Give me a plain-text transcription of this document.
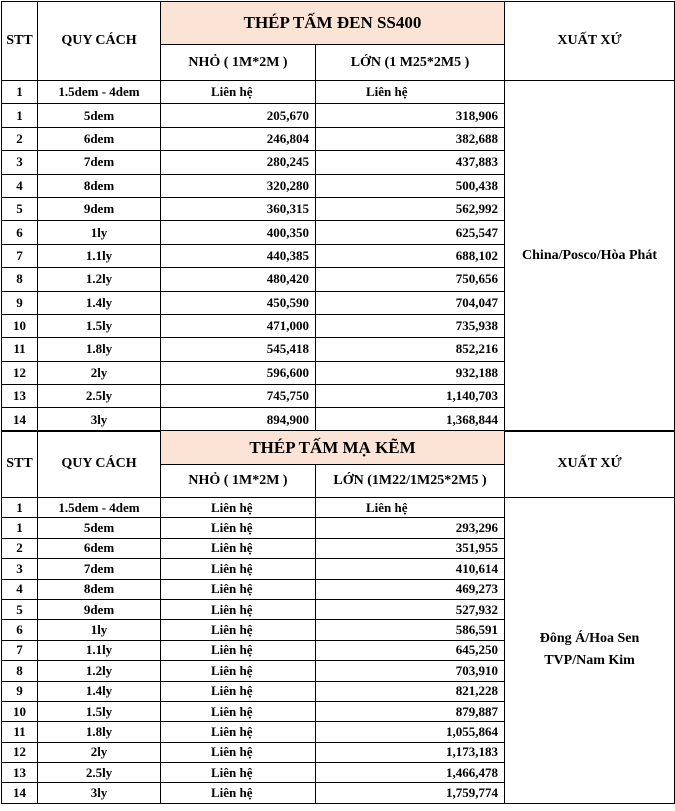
STT	QUY CÁCH	THÉP TẤM ĐEN SS400		XUẤT XỨ
		NHỎ ( 1M*2M )	LỚN (1 M25*2M5 )	
1	1.5dem - 4dem	Liên hệ	Liên hệ	China/Posco/Hòa Phát
1	5dem	205,670	318,906	
2	6dem	246,804	382,688	
3	7dem	280,245	437,883	
4	8dem	320,280	500,438	
5	9dem	360,315	562,992	
6	1ly	400,350	625,547	
7	1.1ly	440,385	688,102	
8	1.2ly	480,420	750,656	
9	1.4ly	450,590	704,047	
10	1.5ly	471,000	735,938	
11	1.8ly	545,418	852,216	
12	2ly	596,600	932,188	
13	2.5ly	745,750	1,140,703	
14	3ly	894,900	1,368,844	
STT	QUY CÁCH	THÉP TẤM MẠ KẼM		XUẤT XỨ
		NHỎ ( 1M*2M )	LỚN (1M22/1M25*2M5 )	
1	1.5dem - 4dem	Liên hệ	Liên hệ	Đông Á/Hoa Sen
TVP/Nam Kim

1	5dem	Liên hệ	293,296	
2	6dem	Liên hệ	351,955	
3	7dem	Liên hệ	410,614	
4	8dem	Liên hệ	469,273	
5	9dem	Liên hệ	527,932	
6	1ly	Liên hệ	586,591	
7	1.1ly	Liên hệ	645,250	
8	1.2ly	Liên hệ	703,910	
9	1.4ly	Liên hệ	821,228	
10	1.5ly	Liên hệ	879,887	
11	1.8ly	Liên hệ	1,055,864	
12	2ly	Liên hệ	1,173,183	
13	2.5ly	Liên hệ	1,466,478	
14	3ly	Liên hệ	1,759,774	
